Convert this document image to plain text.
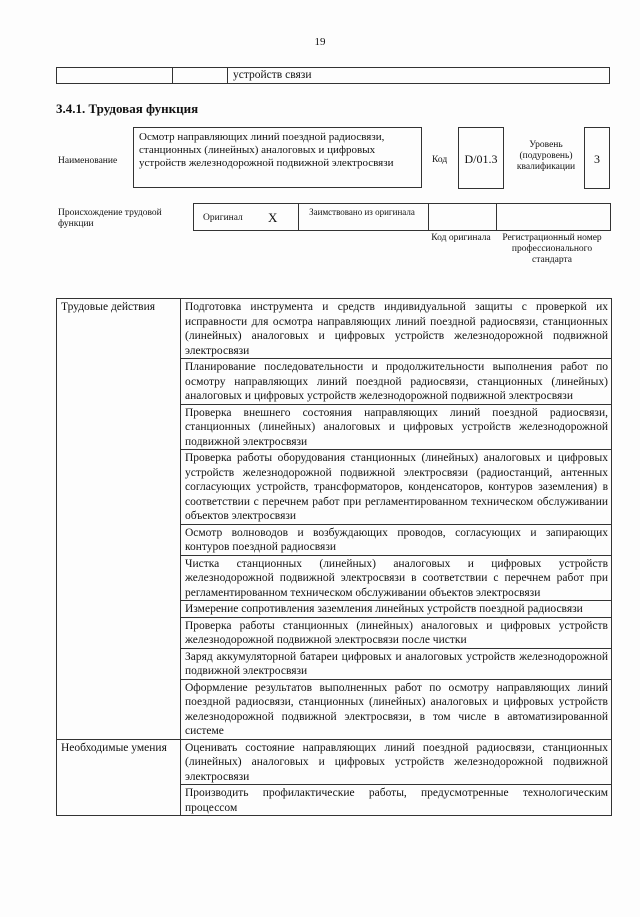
19
устройств связи
3.4.1. Трудовая функция
Наименование
Осмотр направляющих линий поездной радиосвязи, станционных (линейных) аналоговых и цифровых устройств железнодорожной подвижной электросвязи	Код	D/01.3
Уровень (подуровень) квалификации
3
Происхождение трудовой функции
Оригинал X	Заимствовано из оригинала
Код оригинала Регистрационный номер профессионального стандарта
Трудовые действия	Подготовка инструмента и средств индивидуальной защиты с проверкой их исправности для осмотра направляющих линий поездной радиосвязи, станционных (линейных) аналоговых и цифровых устройств железнодорожной подвижной электросвязи
	Планирование последовательности и продолжительности выполнения работ по осмотру направляющих линий поездной радиосвязи, станционных (линейных) аналоговых и цифровых устройств железнодорожной подвижной электросвязи
	Проверка внешнего состояния направляющих линий поездной радиосвязи, станционных (линейных) аналоговых и цифровых устройств железнодорожной подвижной электросвязи
	Проверка работы оборудования станционных (линейных) аналоговых и цифровых устройств железнодорожной подвижной электросвязи (радиостанций, антенных согласующих устройств, трансформаторов, конденсаторов, контуров заземления) в соответствии с перечнем работ при регламентированном техническом обслуживании объектов электросвязи
	Осмотр волноводов и возбуждающих проводов, согласующих и запирающих контуров поездной радиосвязи
	Чистка станционных (линейных) аналоговых и цифровых устройств железнодорожной подвижной электросвязи в соответствии с перечнем работ при регламентированном техническом обслуживании объектов электросвязи
	Измерение сопротивления заземления линейных устройств поездной радиосвязи
	Проверка работы станционных (линейных) аналоговых и цифровых устройств железнодорожной подвижной электросвязи после чистки
	Заряд аккумуляторной батареи цифровых и аналоговых устройств железнодорожной подвижной электросвязи
	Оформление результатов выполненных работ по осмотру направляющих линий поездной радиосвязи, станционных (линейных) аналоговых и цифровых устройств железнодорожной подвижной электросвязи, в том числе в автоматизированной системе
Необходимые умения	Оценивать состояние направляющих линий поездной радиосвязи, станционных (линейных) аналоговых и цифровых устройств железнодорожной подвижной электросвязи
	Производить профилактические работы, предусмотренные технологическим процессом
